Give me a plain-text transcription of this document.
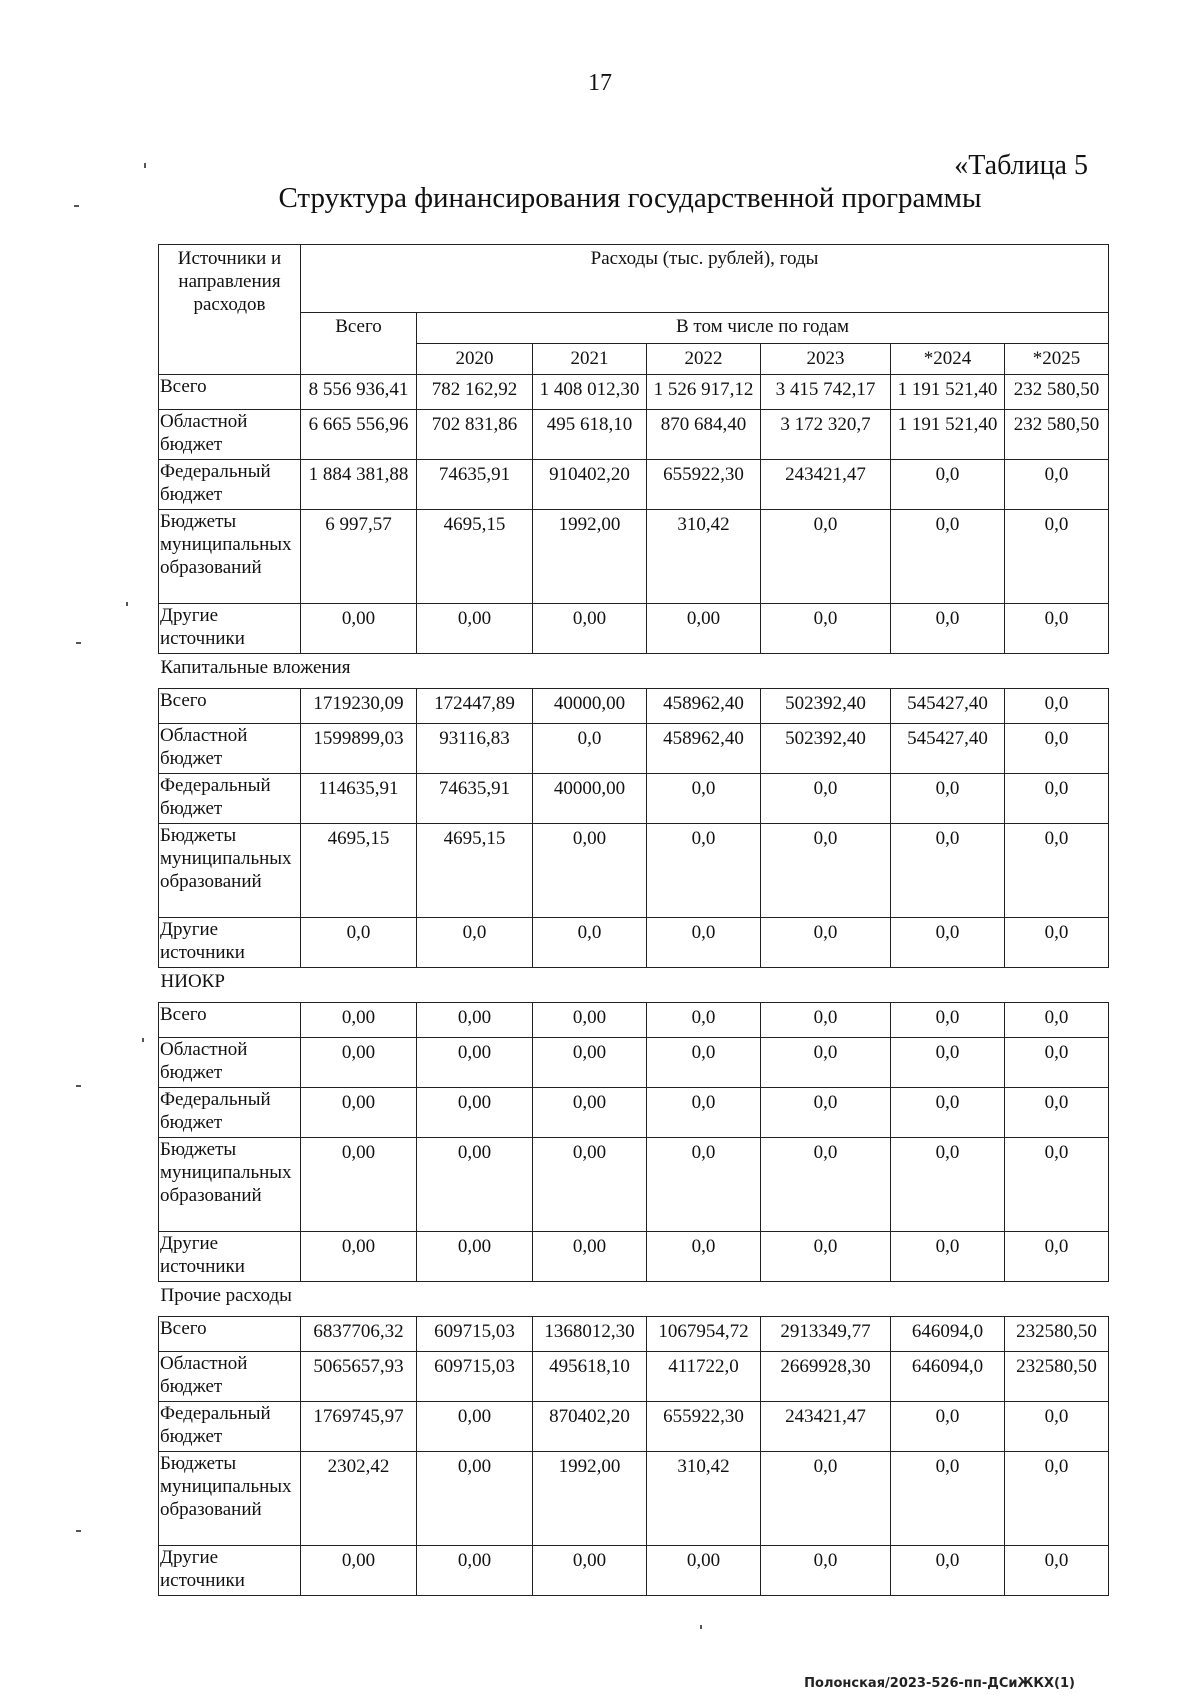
17
«Таблица 5
Структура финансирования государственной программы
Источники и направления расходов	Расходы (тыс. рублей), годы						
	Всего	В том числе по годам					
		2020	2021	2022	2023	*2024	*2025
Всего	8 556 936,41	782 162,92	1 408 012,30	1 526 917,12	3 415 742,17	1 191 521,40	232 580,50
Областной бюджет	6 665 556,96	702 831,86	495 618,10	870 684,40	3 172 320,7	1 191 521,40	232 580,50
Федеральный бюджет	1 884 381,88	74635,91	910402,20	655922,30	243421,47	0,0	0,0
Бюджеты муниципальных образований	6 997,57	4695,15	1992,00	310,42	0,0	0,0	0,0
Другие источники	0,00	0,00	0,00	0,00	0,0	0,0	0,0
Капитальные вложения							

Всего	1719230,09	172447,89	40000,00	458962,40	502392,40	545427,40	0,0
Областной бюджет	1599899,03	93116,83	0,0	458962,40	502392,40	545427,40	0,0
Федеральный бюджет	114635,91	74635,91	40000,00	0,0	0,0	0,0	0,0
Бюджеты муниципальных образований	4695,15	4695,15	0,00	0,0	0,0	0,0	0,0
Другие источники	0,0	0,0	0,0	0,0	0,0	0,0	0,0
НИОКР							

Всего	0,00	0,00	0,00	0,0	0,0	0,0	0,0
Областной бюджет	0,00	0,00	0,00	0,0	0,0	0,0	0,0
Федеральный бюджет	0,00	0,00	0,00	0,0	0,0	0,0	0,0
Бюджеты муниципальных образований	0,00	0,00	0,00	0,0	0,0	0,0	0,0
Другие источники	0,00	0,00	0,00	0,0	0,0	0,0	0,0
Прочие расходы							

Всего	6837706,32	609715,03	1368012,30	1067954,72	2913349,77	646094,0	232580,50
Областной бюджет	5065657,93	609715,03	495618,10	411722,0	2669928,30	646094,0	232580,50
Федеральный бюджет	1769745,97	0,00	870402,20	655922,30	243421,47	0,0	0,0
Бюджеты муниципальных образований	2302,42	0,00	1992,00	310,42	0,0	0,0	0,0
Другие источники	0,00	0,00	0,00	0,00	0,0	0,0	0,0
Полонская/2023-526-пп-ДСиЖКХ(1)
